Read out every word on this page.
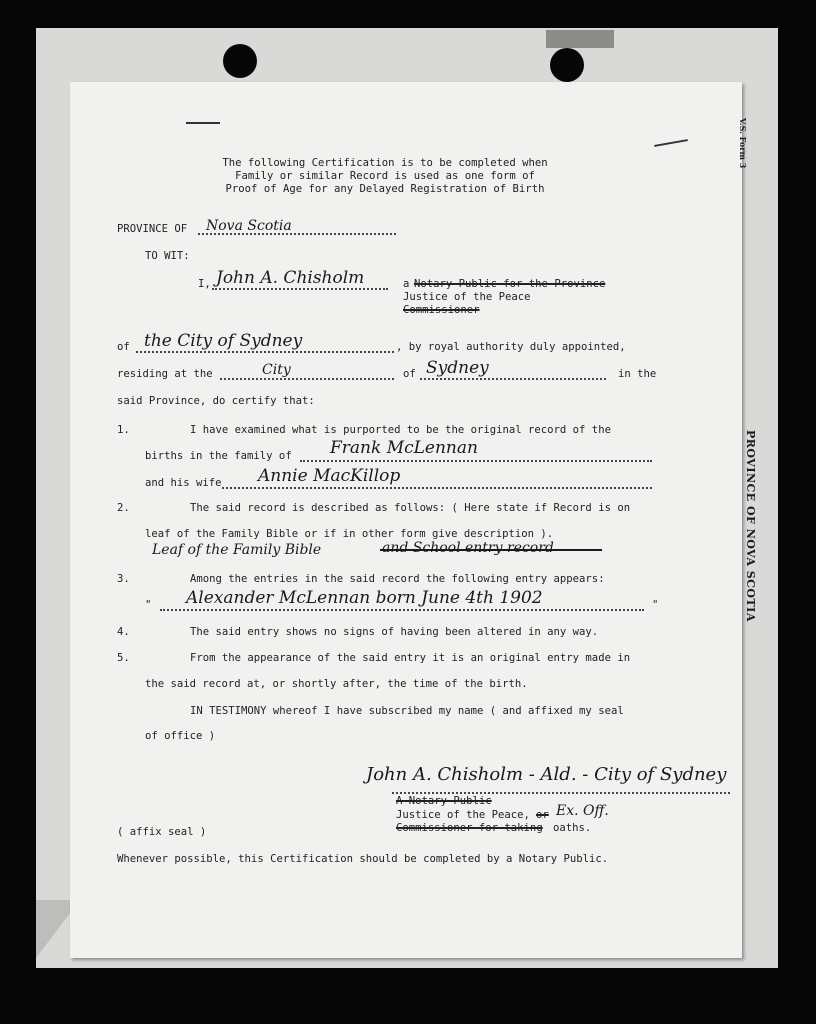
V.S. Form 3
PROVINCE OF NOVA SCOTIA
The following Certification is to be completed when
Family or similar Record is used as one form of
Proof of Age for any Delayed Registration of Birth
PROVINCE OF Nova Scotia
TO WIT:
I, John A. Chisholm	a Notary Public for the Province
Justice of the Peace
Commissioner
of the City of Sydney	, by royal authority duly appointed,
residing at the	City	of Sydney	in the
said Province, do certify that:
1.	I have examined what is purported to be the original record of the
births in the family of Frank McLennan
and his wife Annie MacKillop
2.	The said record is described as follows: ( Here state if Record is on
leaf of the Family Bible or if in other form give description ).
Leaf of the Family Bible	and School entry record
3.	Among the entries in the said record the following entry appears:
" Alexander McLennan born June 4th 1902	"
4.	The said entry shows no signs of having been altered in any way.
5.	From the appearance of the said entry it is an original entry made in
the said record at, or shortly after, the time of the birth.
IN TESTIMONY whereof I have subscribed my name ( and affixed my seal
of office )
John A. Chisholm - Ald. - City of Sydney
A Notary Public
Justice of the Peace, or Ex. Off.
Commissioner for taking oaths.
( affix seal )
Whenever possible, this Certification should be completed by a Notary Public.
